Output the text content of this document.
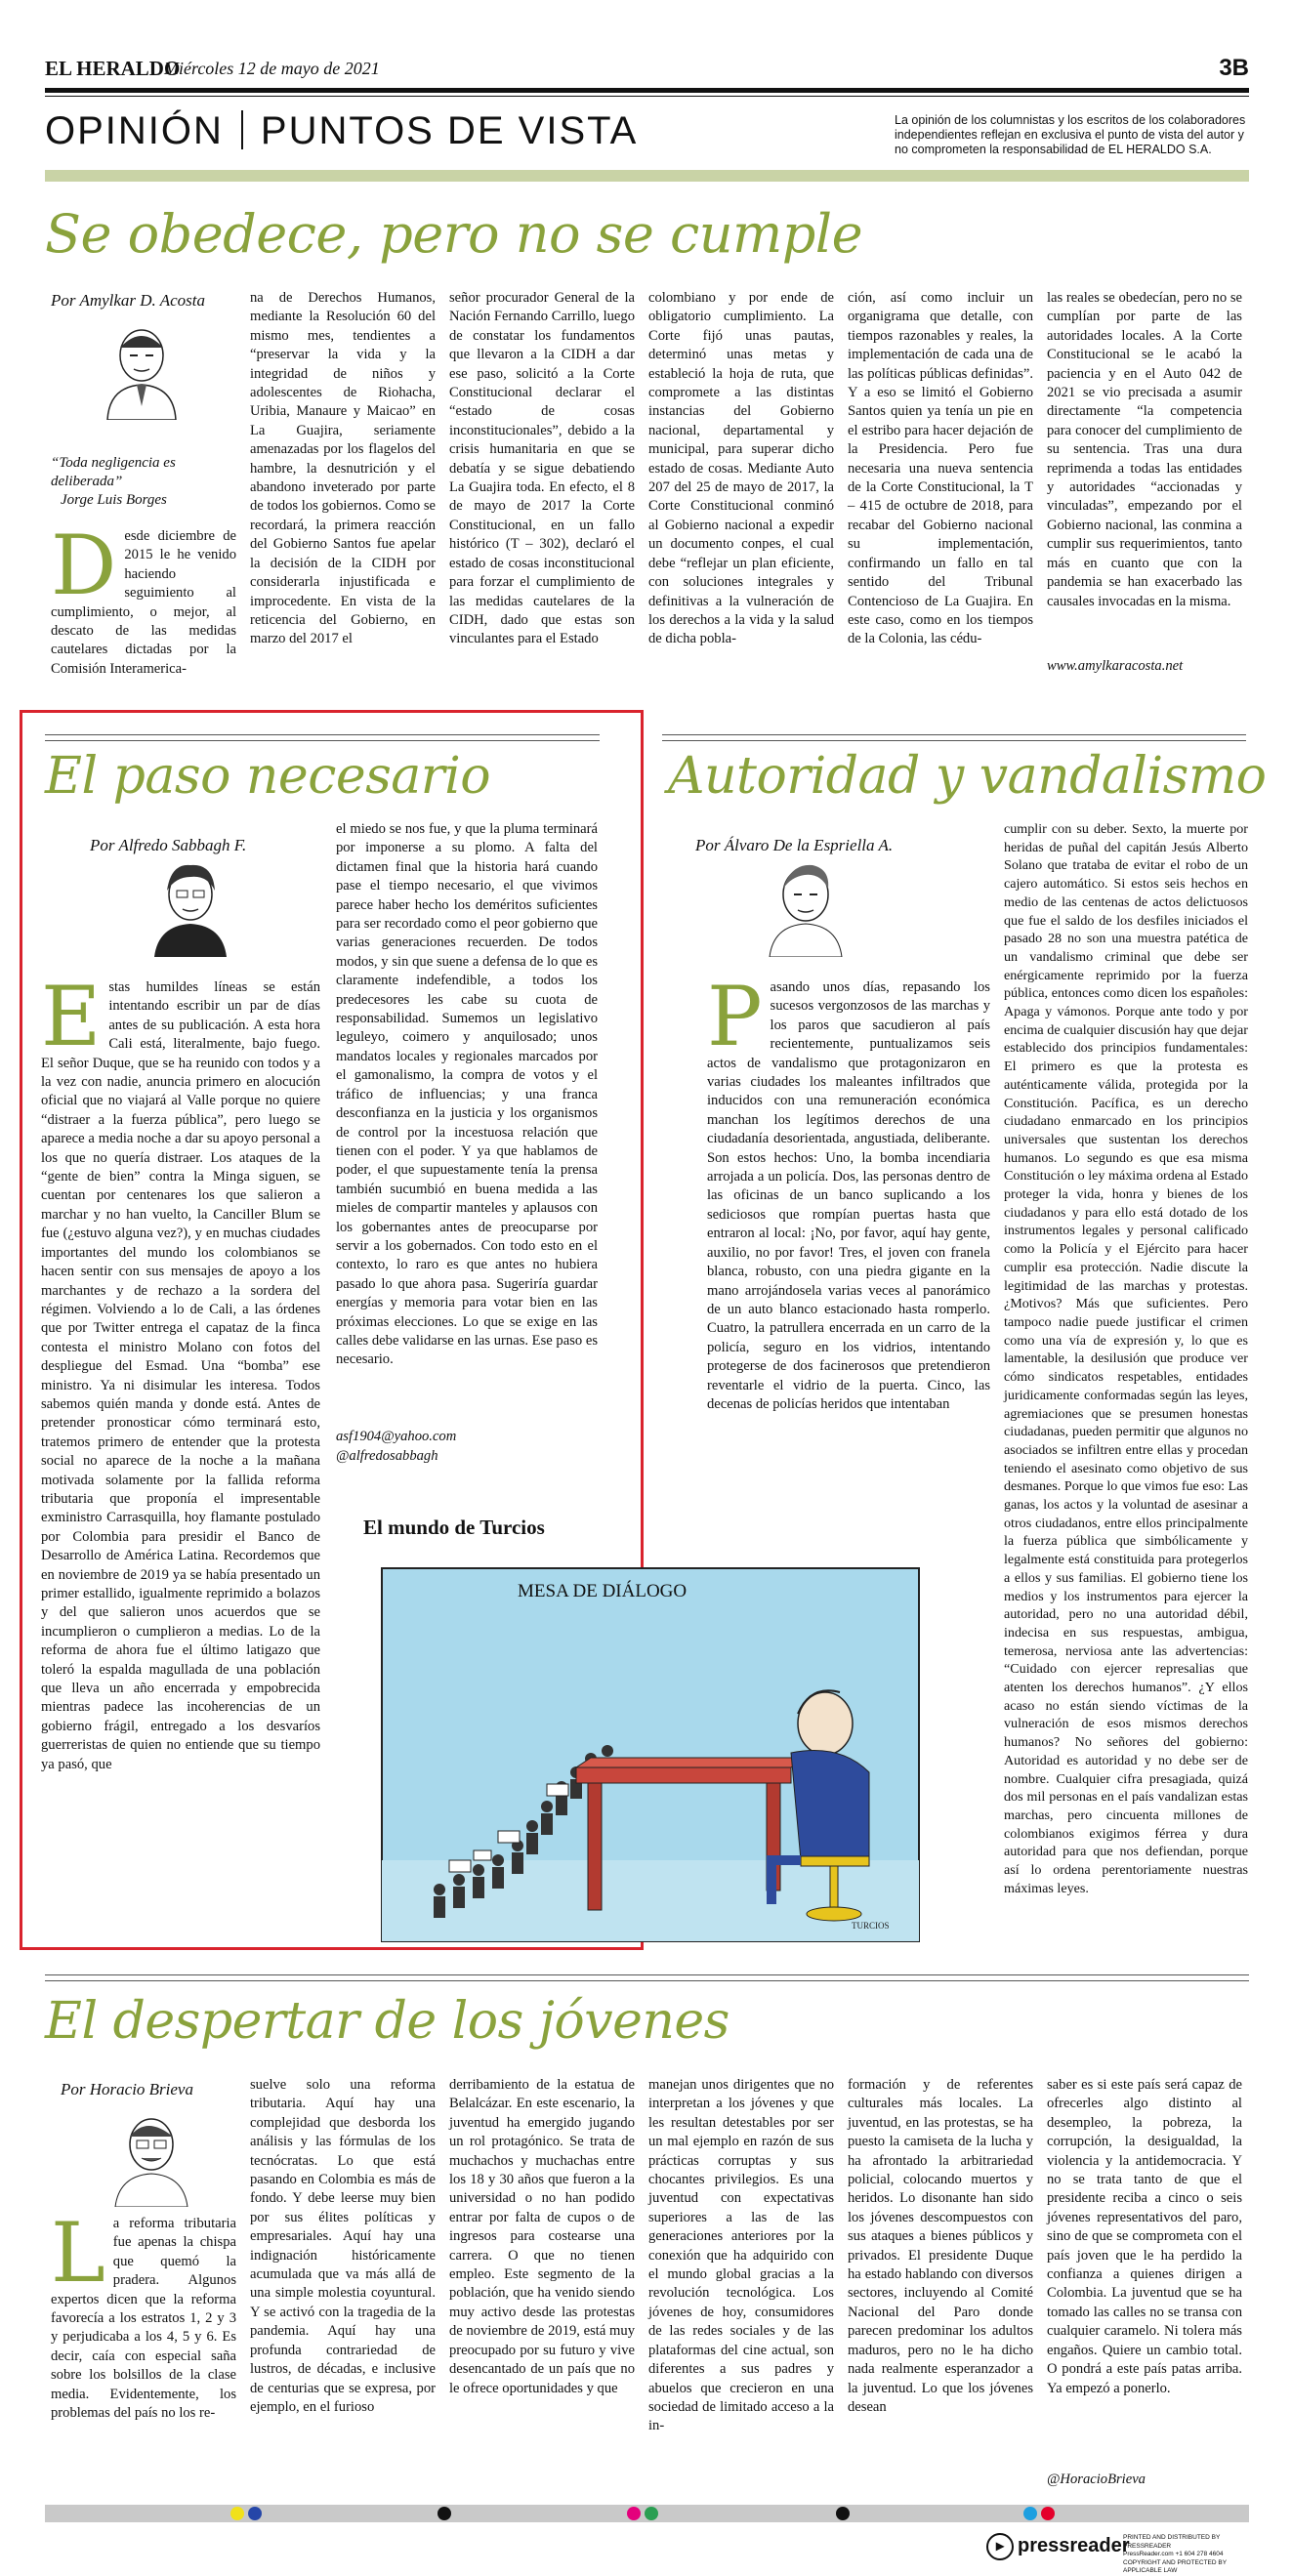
EL HERALDO
Miércoles 12 de mayo de 2021	3B
OPINIÓN PUNTOS DE VISTA	La opinión de los columnistas y los escritos de los colaboradores independientes reflejan en exclusiva el punto de vista del autor y no comprometen la responsabilidad de EL HERALDO S.A.
Se obedece, pero no se cumple
Por Amylkar D. Acosta
“Toda negligencia es deliberada”
Jorge Luis Borges
Desde diciembre de 2015 le he venido haciendo seguimiento al cumplimiento, o mejor, al descato de las medidas cautelares dictadas por la Comisión Interamerica-
na de Derechos Humanos, mediante la Resolución 60 del mismo mes, tendientes a “preservar la vida y la integridad de niños y adolescentes de Riohacha, Uribia, Manaure y Maicao” en La Guajira, seriamente amenazadas por los flagelos del hambre, la desnutrición y el abandono inveterado por parte de todos los gobiernos. Como se recordará, la primera reacción del Gobierno Santos fue apelar la decisión de la CIDH por considerarla injustificada e improcedente. En vista de la reticencia del Gobierno, en marzo del 2017 el
señor procurador General de la Nación Fernando Carrillo, luego de constatar los fundamentos que llevaron a la CIDH a dar ese paso, solicitó a la Corte Constitucional declarar el “estado de cosas inconstitucionales”, debido a la crisis humanitaria en que se debatía y se sigue debatiendo La Guajira toda. En efecto, el 8 de mayo de 2017 la Corte Constitucional, en un fallo histórico (T – 302), declaró el estado de cosas inconstitucional para forzar el cumplimiento de las medidas cautelares de la CIDH, dado que estas son vinculantes para el Estado
colombiano y por ende de obligatorio cumplimiento. La Corte fijó unas pautas, determinó unas metas y estableció la hoja de ruta, que compromete a las distintas instancias del Gobierno nacional, departamental y municipal, para superar dicho estado de cosas. Mediante Auto 207 del 25 de mayo de 2017, la Corte Constitucional conminó al Gobierno nacional a expedir un documento conpes, el cual debe “reflejar un plan eficiente, con soluciones integrales y definitivas a la vulneración de los derechos a la vida y la salud de dicha pobla-
ción, así como incluir un organigrama que detalle, con tiempos razonables y reales, la implementación de cada una de las políticas públicas definidas”. Y a eso se limitó el Gobierno Santos quien ya tenía un pie en el estribo para hacer dejación de la Presidencia. Pero fue necesaria una nueva sentencia de la Corte Constitucional, la T – 415 de octubre de 2018, para recabar del Gobierno nacional su implementación, confirmando un fallo en tal sentido del Tribunal Contencioso de La Guajira. En este caso, como en los tiempos de la Colonia, las cédu-
las reales se obedecían, pero no se cumplían por parte de las autoridades locales. A la Corte Constitucional se le acabó la paciencia y en el Auto 042 de 2021 se vio precisada a asumir directamente “la competencia para conocer del cumplimiento de su sentencia. Tras una dura reprimenda a todas las entidades y autoridades “accionadas y vinculadas”, empezando por el Gobierno nacional, las conmina a cumplir sus requerimientos, tanto más en cuanto que con la pandemia se han exacerbado las causales invocadas en la misma.
www.amylkaracosta.net
El paso necesario
Por Alfredo Sabbagh F.
Estas humildes líneas se están intentando escribir un par de días antes de su publicación. A esta hora Cali está, literalmente, bajo fuego. El señor Duque, que se ha reunido con todos y a la vez con nadie, anuncia primero en alocución oficial que no viajará al Valle porque no quiere “distraer a la fuerza pública”, pero luego se aparece a media noche a dar su apoyo personal a los que no quería distraer. Los ataques de la “gente de bien” contra la Minga siguen, se cuentan por centenares los que salieron a marchar y no han vuelto, la Canciller Blum se fue (¿estuvo alguna vez?), y en muchas ciudades importantes del mundo los colombianos se hacen sentir con sus mensajes de apoyo a los marchantes y de rechazo a la sordera del régimen. Volviendo a lo de Cali, a las órdenes que por Twitter entrega el capataz de la finca contesta el ministro Molano con fotos del despliegue del Esmad. Una “bomba” ese ministro. Ya ni disimular les interesa. Todos sabemos quién manda y donde está. Antes de pretender pronosticar cómo terminará esto, tratemos primero de entender que la protesta social no aparece de la noche a la mañana motivada solamente por la fallida reforma tributaria que proponía el impresentable exministro Carrasquilla, hoy flamante postulado por Colombia para presidir el Banco de Desarrollo de América Latina. Recordemos que en noviembre de 2019 ya se había presentado un primer estallido, igualmente reprimido a bolazos y del que salieron unos acuerdos que se incumplieron o cumplieron a medias. Lo de la reforma de ahora fue el último latigazo que toleró la espalda magullada de una población que lleva un año encerrada y empobrecida mientras padece las incoherencias de un gobierno frágil, entregado a los desvaríos guerreristas de quien no entiende que su tiempo ya pasó, que
el miedo se nos fue, y que la pluma terminará por imponerse a su plomo. A falta del dictamen final que la historia hará cuando pase el tiempo necesario, el que vivimos parece haber hecho los deméritos suficientes para ser recordado como el peor gobierno que varias generaciones recuerden. De todos modos, y sin que suene a defensa de lo que es claramente indefendible, a todos los predecesores les cabe su cuota de responsabilidad. Sumemos un legislativo leguleyo, coimero y anquilosado; unos mandatos locales y regionales marcados por el gamonalismo, la compra de votos y el tráfico de influencias; y una franca desconfianza en la justicia y los organismos de control por la incestuosa relación que tienen con el poder. Y ya que hablamos de poder, el que supuestamente tenía la prensa también sucumbió en buena medida a las mieles de compartir manteles y aplausos con los gobernantes antes de preocuparse por servir a los gobernados. Con todo esto en el contexto, lo raro es que antes no hubiera pasado lo que ahora pasa. Sugeriría guardar energías y memoria para votar bien en las próximas elecciones. Lo que se exige en las calles debe validarse en las urnas. Ese paso es necesario.
asf1904@yahoo.com
@alfredosabbagh
El mundo de Turcios
MESA DE DIÁLOGO
TURCIOS
Autoridad y vandalismo
Por Álvaro De la Espriella A.
Pasando unos días, repasando los sucesos vergonzosos de las marchas y los paros que sacudieron al país recientemente, puntualizamos seis actos de vandalismo que protagonizaron en varias ciudades los maleantes infiltrados que inducidos con una remuneración económica manchan los legítimos derechos de una ciudadanía desorientada, angustiada, deliberante. Son estos hechos: Uno, la bomba incendiaria arrojada a un policía. Dos, las personas dentro de las oficinas de un banco suplicando a los sediciosos que rompían puertas hasta que entraron al local: ¡No, por favor, aquí hay gente, auxilio, no por favor! Tres, el joven con franela blanca, robusto, con una piedra gigante en la mano arrojándosela varias veces al panorámico de un auto blanco estacionado hasta romperlo. Cuatro, la patrullera encerrada en un carro de la policía, seguro en los vidrios, intentando protegerse de dos facinerosos que pretendieron reventarle el vidrio de la puerta. Cinco, las decenas de policías heridos que intentaban
cumplir con su deber. Sexto, la muerte por heridas de puñal del capitán Jesús Alberto Solano que trataba de evitar el robo de un cajero automático. Si estos seis hechos en medio de las centenas de actos delictuosos que fue el saldo de los desfiles iniciados el pasado 28 no son una muestra patética de un vandalismo criminal que debe ser enérgicamente reprimido por la fuerza pública, entonces como dicen los españoles: Apaga y vámonos. Porque ante todo y por encima de cualquier discusión hay que dejar establecido dos principios fundamentales: El primero es que la protesta es auténticamente válida, protegida por la Constitución. Pacífica, es un derecho ciudadano enmarcado en los principios universales que sustentan los derechos humanos. Lo segundo es que esa misma Constitución o ley máxima ordena al Estado proteger la vida, honra y bienes de los ciudadanos y para ello está dotado de los instrumentos legales y personal calificado como la Policía y el Ejército para hacer cumplir esa protección. Nadie discute la legitimidad de las marchas y protestas. ¿Motivos? Más que suficientes. Pero tampoco nadie puede justificar el crimen como una vía de expresión y, lo que es lamentable, la desilusión que produce ver cómo sindicatos respetables, entidades juridicamente conformadas según las leyes, agremiaciones que se presumen honestas ciudadanas, pueden permitir que algunos no asociados se infiltren entre ellas y procedan teniendo el asesinato como objetivo de sus desmanes. Porque lo que vimos fue eso: Las ganas, los actos y la voluntad de asesinar a otros ciudadanos, entre ellos principalmente la fuerza pública que simbólicamente y legalmente está constituida para protegerlos a ellos y sus familias. El gobierno tiene los medios y los instrumentos para ejercer la autoridad, pero no una autoridad débil, indecisa en sus respuestas, ambigua, temerosa, nerviosa ante las advertencias: “Cuidado con ejercer represalias que atenten los derechos humanos”. ¿Y ellos acaso no están siendo víctimas de la vulneración de esos mismos derechos humanos? No señores del gobierno: Autoridad es autoridad y no debe ser de nombre. Cualquier cifra presagiada, quizá dos mil personas en el país vandalizan estas marchas, pero cincuenta millones de colombianos exigimos férrea y dura autoridad para que nos defiendan, porque así lo ordena perentoriamente nuestras máximas leyes.
El despertar de los jóvenes
Por Horacio Brieva
La reforma tributaria fue apenas la chispa que quemó la pradera. Algunos expertos dicen que la reforma favorecía a los estratos 1, 2 y 3 y perjudicaba a los 4, 5 y 6. Es decir, caía con especial saña sobre los bolsillos de la clase media. Evidentemente, los problemas del país no los re-
suelve solo una reforma tributaria. Aquí hay una complejidad que desborda los análisis y las fórmulas de los tecnócratas. Lo que está pasando en Colombia es más de fondo. Y debe leerse muy bien por sus élites políticas y empresariales. Aquí hay una indignación históricamente acumulada que va más allá de una simple molestia coyuntural. Y se activó con la tragedia de la pandemia. Aquí hay una profunda contrariedad de lustros, de décadas, e inclusive de centurias que se expresa, por ejemplo, en el furioso
derribamiento de la estatua de Belalcázar. En este escenario, la juventud ha emergido jugando un rol protagónico. Se trata de muchachos y muchachas entre los 18 y 30 años que fueron a la universidad o no han podido entrar por falta de cupos o de ingresos para costearse una carrera. O que no tienen empleo. Este segmento de la población, que ha venido siendo muy activo desde las protestas de noviembre de 2019, está muy preocupado por su futuro y vive desencantado de un país que no le ofrece oportunidades y que
manejan unos dirigentes que no interpretan a los jóvenes y que les resultan detestables por ser un mal ejemplo en razón de sus prácticas corruptas y sus chocantes privilegios. Es una juventud con expectativas superiores a las de las generaciones anteriores por la conexión que ha adquirido con el mundo global gracias a la revolución tecnológica. Los jóvenes de hoy, consumidores de las redes sociales y de las plataformas del cine actual, son diferentes a sus padres y abuelos que crecieron en una sociedad de limitado acceso a la in-
formación y de referentes culturales más locales. La juventud, en las protestas, se ha puesto la camiseta de la lucha y ha afrontado la arbitrariedad policial, colocando muertos y heridos. Lo disonante han sido los jóvenes descompuestos con sus ataques a bienes públicos y privados. El presidente Duque ha estado hablando con diversos sectores, incluyendo al Comité Nacional del Paro donde parecen predominar los adultos maduros, pero no le ha dicho nada realmente esperanzador a la juventud. Lo que los jóvenes desean
saber es si este país será capaz de ofrecerles algo distinto al desempleo, la pobreza, la corrupción, la desigualdad, la violencia y la antidemocracia. Y no se trata tanto de que el presidente reciba a cinco o seis jóvenes representativos del paro, sino de que se comprometa con el país joven que le ha perdido la confianza a quienes dirigen a Colombia. La juventud que se ha tomado las calles no se transa con cualquier caramelo. Ni tolera más engaños. Quiere un cambio total. O pondrá a este país patas arriba. Ya empezó a ponerlo.
@HoracioBrieva
▸ pressreader
PRINTED AND DISTRIBUTED BY PRESSREADER
PressReader.com +1 604 278 4604
COPYRIGHT AND PROTECTED BY APPLICABLE LAW
